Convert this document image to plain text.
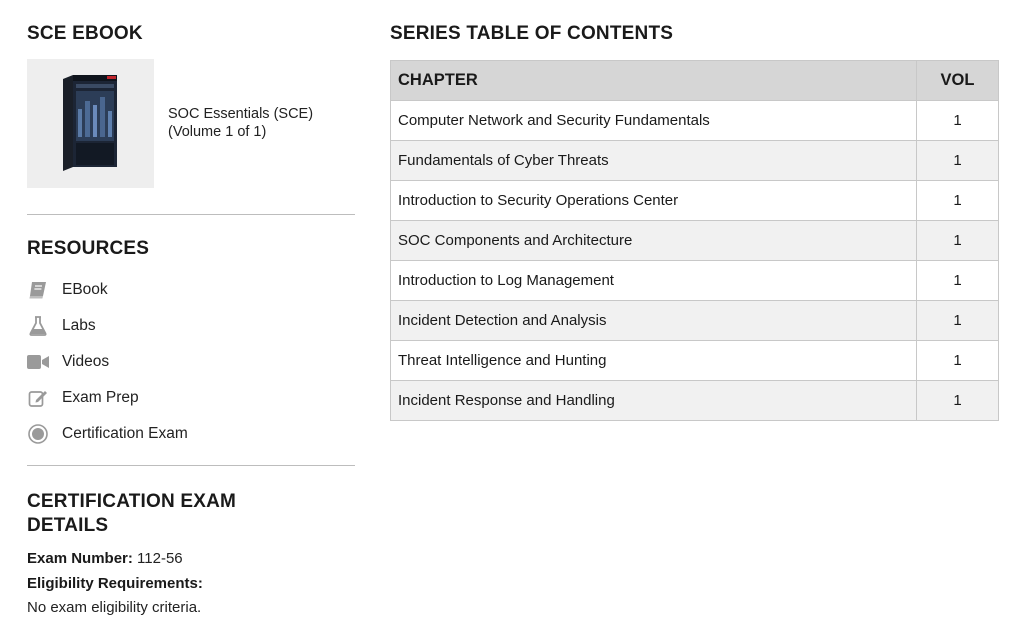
SCE EBOOK
SOC Essentials (SCE)
(Volume 1 of 1)
RESOURCES
EBook
Labs
Videos
Exam Prep
Certification Exam
CERTIFICATION EXAM DETAILS
Exam Number: 112-56
Eligibility Requirements:
No exam eligibility criteria.
SERIES TABLE OF CONTENTS
CHAPTER	VOL
Computer Network and Security Fundamentals	1
Fundamentals of Cyber Threats	1
Introduction to Security Operations Center	1
SOC Components and Architecture	1
Introduction to Log Management	1
Incident Detection and Analysis	1
Threat Intelligence and Hunting	1
Incident Response and Handling	1
